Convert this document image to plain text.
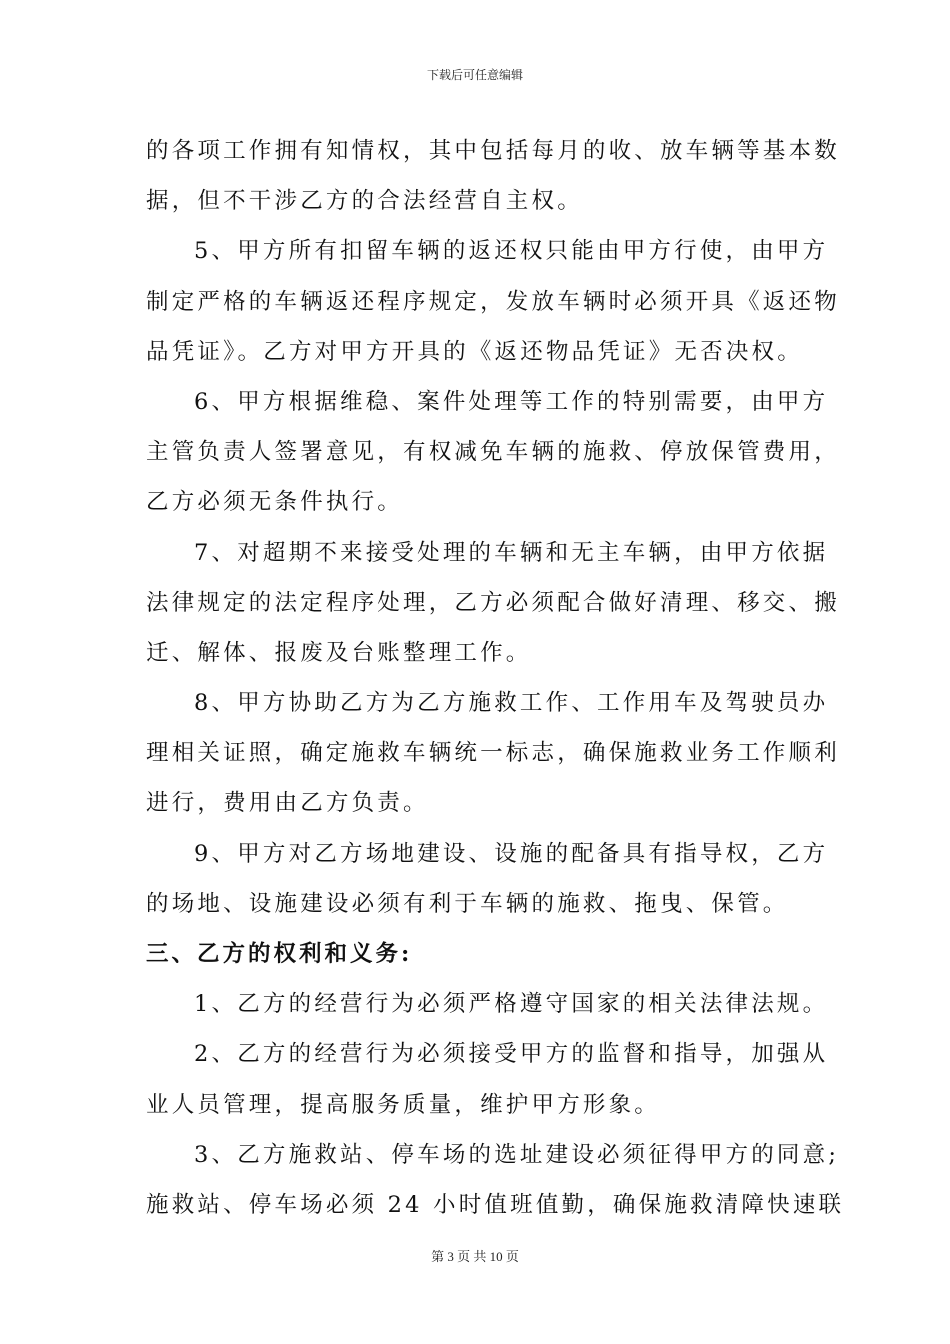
下载后可任意编辑
的各项工作拥有知情权，其中包括每月的收、放车辆等基本数
据，但不干涉乙方的合法经营自主权。
5、甲方所有扣留车辆的返还权只能由甲方行使，由甲方
制定严格的车辆返还程序规定，发放车辆时必须开具《返还物
品凭证》。乙方对甲方开具的《返还物品凭证》无否决权。
6、甲方根据维稳、案件处理等工作的特别需要，由甲方
主管负责人签署意见，有权减免车辆的施救、停放保管费用，
乙方必须无条件执行。
7、对超期不来接受处理的车辆和无主车辆，由甲方依据
法律规定的法定程序处理，乙方必须配合做好清理、移交、搬
迁、解体、报废及台账整理工作。
8、甲方协助乙方为乙方施救工作、工作用车及驾驶员办
理相关证照，确定施救车辆统一标志，确保施救业务工作顺利
进行，费用由乙方负责。
9、甲方对乙方场地建设、设施的配备具有指导权，乙方
的场地、设施建设必须有利于车辆的施救、拖曳、保管。
三、乙方的权利和义务:
1、乙方的经营行为必须严格遵守国家的相关法律法规。
2、乙方的经营行为必须接受甲方的监督和指导，加强从
业人员管理，提高服务质量，维护甲方形象。
3、乙方施救站、停车场的选址建设必须征得甲方的同意;
施救站、停车场必须 24 小时值班值勤，确保施救清障快速联
第 3 页 共 10 页
